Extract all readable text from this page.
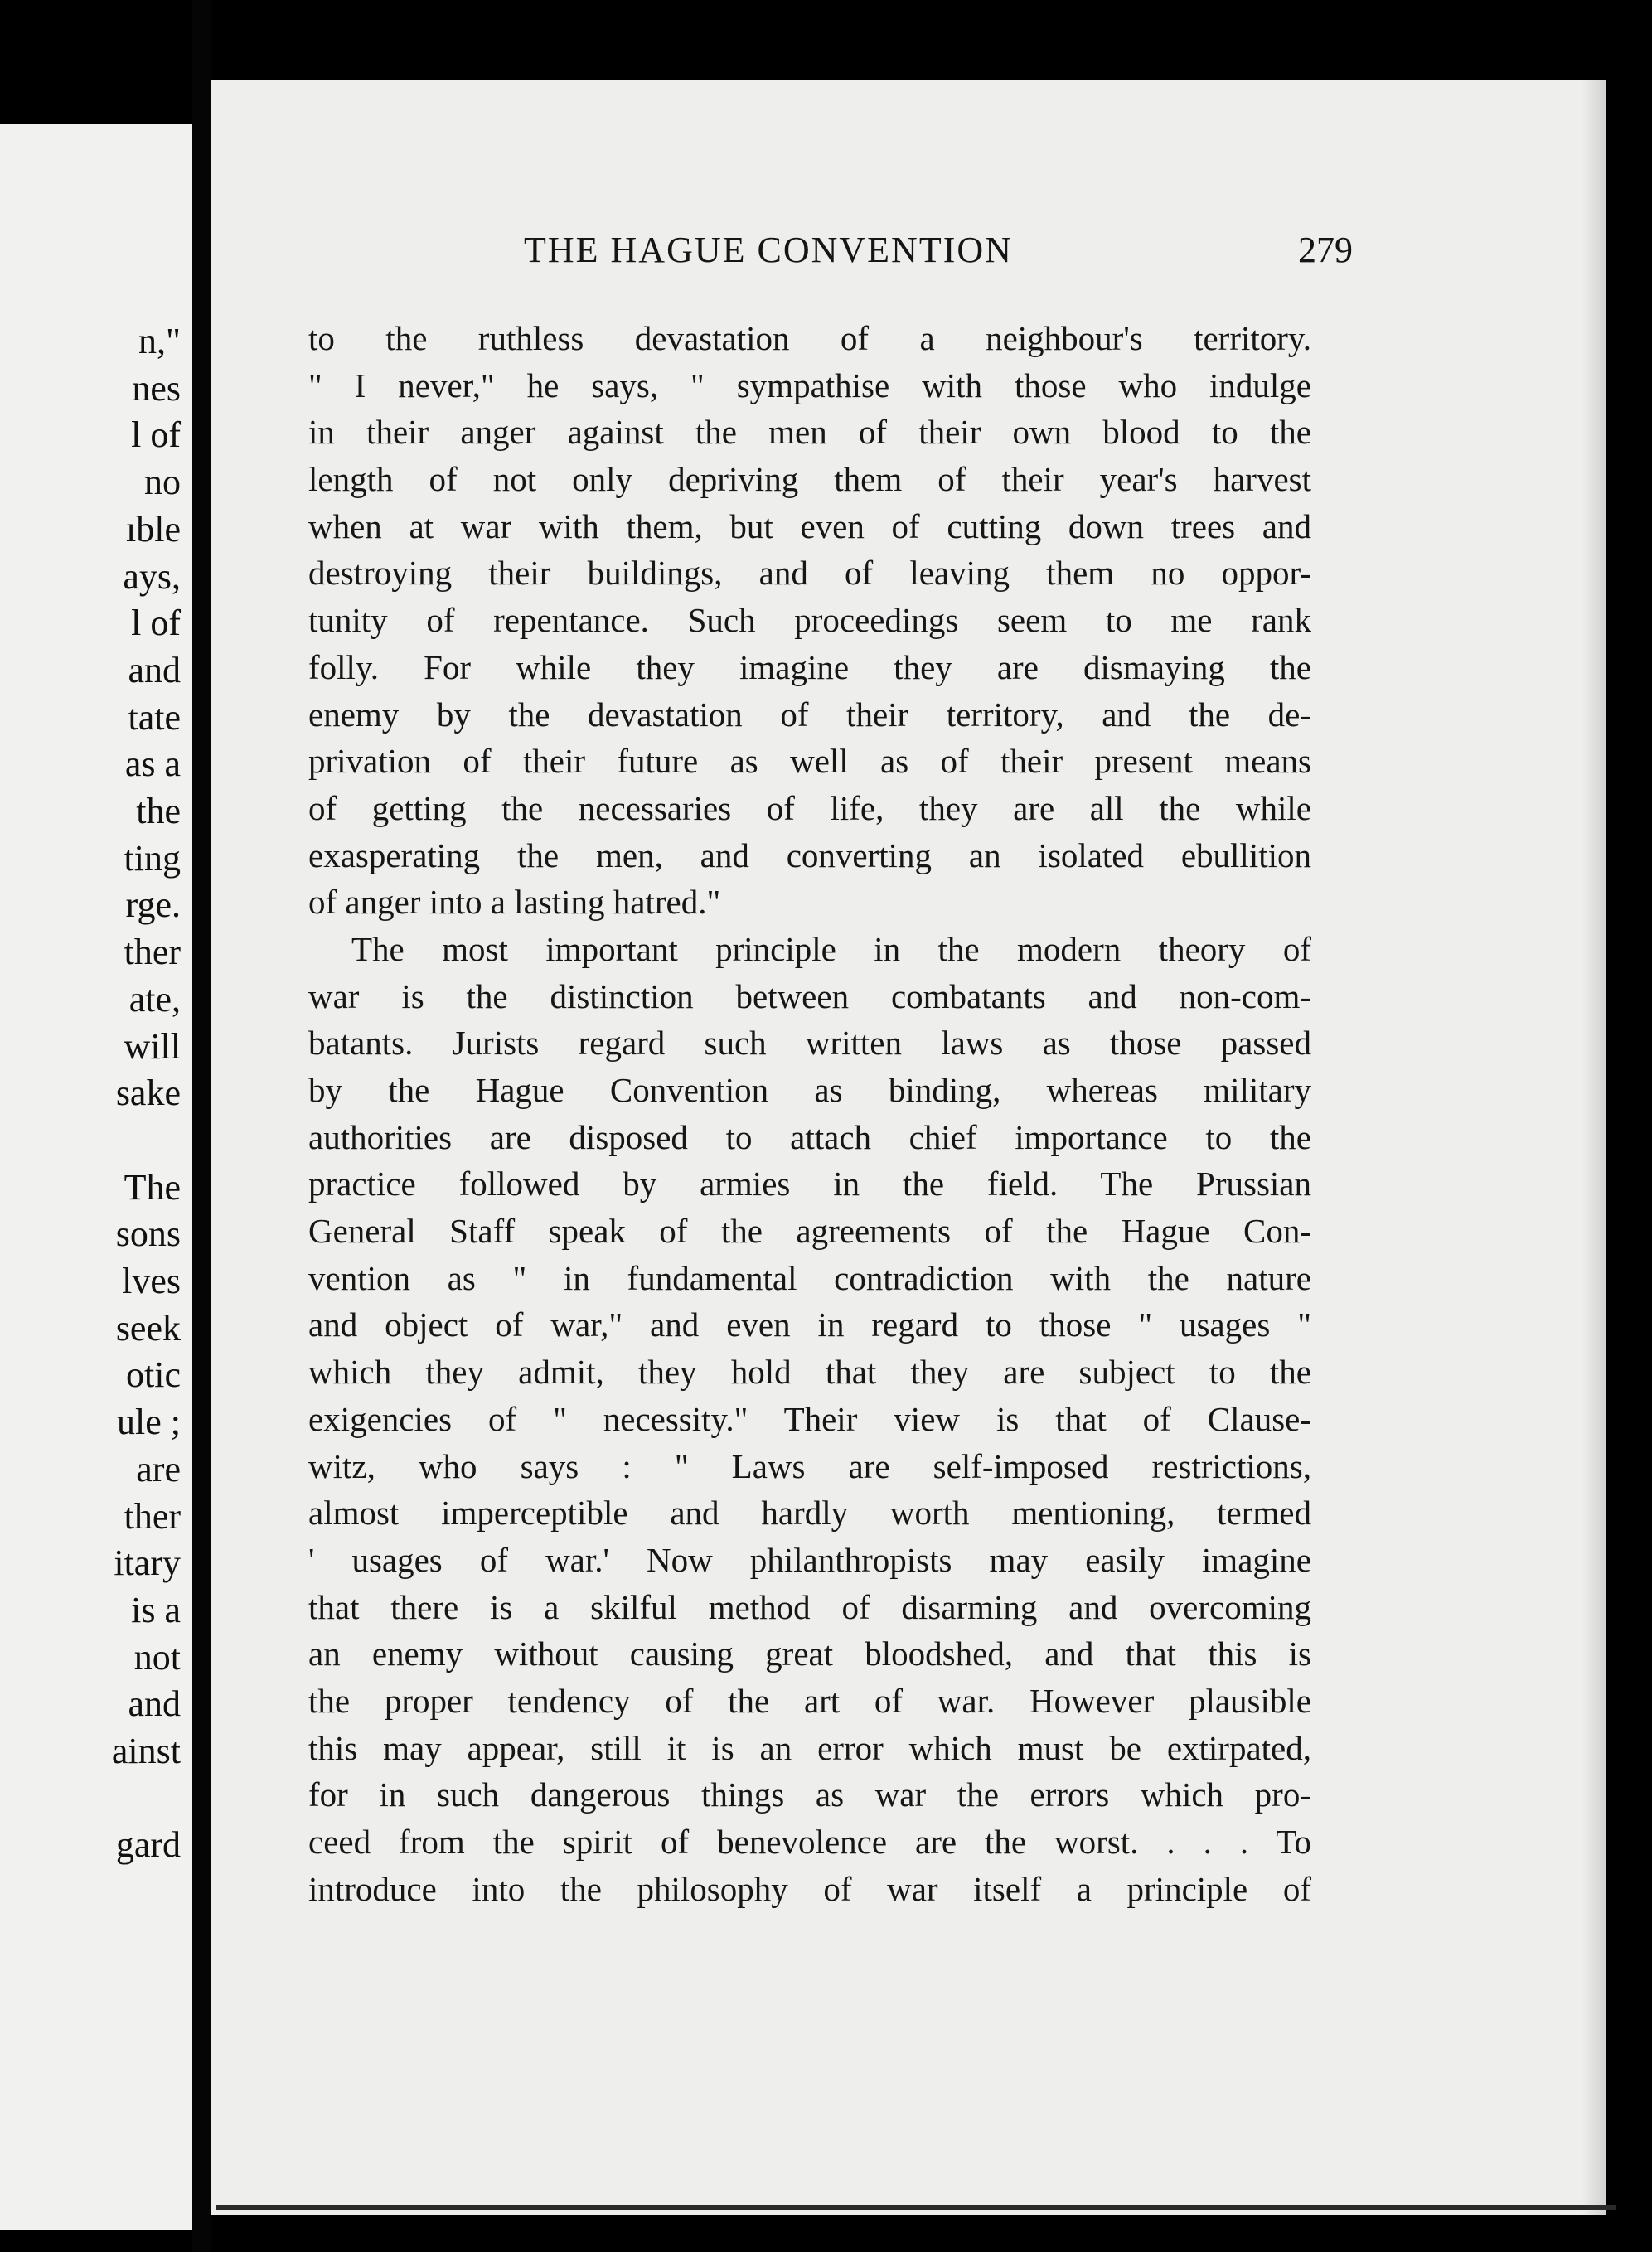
n,"
nes
l of
no
ıble
ays,
l of
and
tate
as a
the
ting
rge.
ther
ate,
will
sake
The
sons
lves
seek
otic
ule ;
are
ther
itary
is a
not
and
ainst
gard
THE HAGUE CONVENTION	279
to the ruthless devastation of a neighbour's territory.
" I never," he says, " sympathise with those who indulge
in their anger against the men of their own blood to the
length of not only depriving them of their year's harvest
when at war with them, but even of cutting down trees and
destroying their buildings, and of leaving them no oppor-
tunity of repentance. Such proceedings seem to me rank
folly. For while they imagine they are dismaying the
enemy by the devastation of their territory, and the de-
privation of their future as well as of their present means
of getting the necessaries of life, they are all the while
exasperating the men, and converting an isolated ebullition
of anger into a lasting hatred."
The most important principle in the modern theory of
war is the distinction between combatants and non-com-
batants. Jurists regard such written laws as those passed
by the Hague Convention as binding, whereas military
authorities are disposed to attach chief importance to the
practice followed by armies in the field. The Prussian
General Staff speak of the agreements of the Hague Con-
vention as " in fundamental contradiction with the nature
and object of war," and even in regard to those " usages "
which they admit, they hold that they are subject to the
exigencies of " necessity." Their view is that of Clause-
witz, who says : " Laws are self-imposed restrictions,
almost imperceptible and hardly worth mentioning, termed
' usages of war.' Now philanthropists may easily imagine
that there is a skilful method of disarming and overcoming
an enemy without causing great bloodshed, and that this is
the proper tendency of the art of war. However plausible
this may appear, still it is an error which must be extirpated,
for in such dangerous things as war the errors which pro-
ceed from the spirit of benevolence are the worst. . . . To
introduce into the philosophy of war itself a principle of
